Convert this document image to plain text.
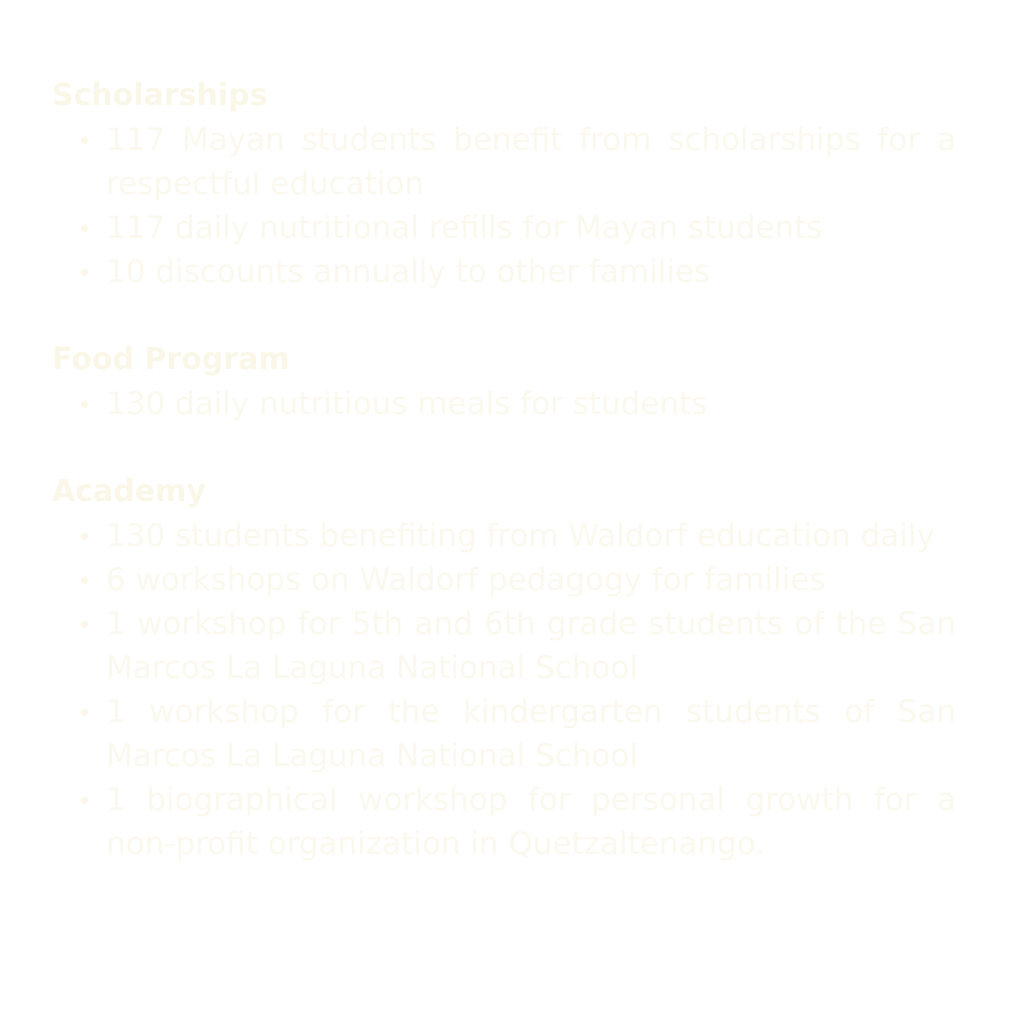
Scholarships
117 Mayan students benefit from scholarships for a respectful education
117 daily nutritional refills for Mayan students
10 discounts annually to other families
Food Program
130 daily nutritious meals for students
Academy
130 students benefiting from Waldorf education daily
6 workshops on Waldorf pedagogy for families
1 workshop for 5th and 6th grade students of the San Marcos La Laguna National School
1 workshop for the kindergarten students of San Marcos La Laguna National School
1 biographical workshop for personal growth for a non-profit organization in Quetzaltenango.
